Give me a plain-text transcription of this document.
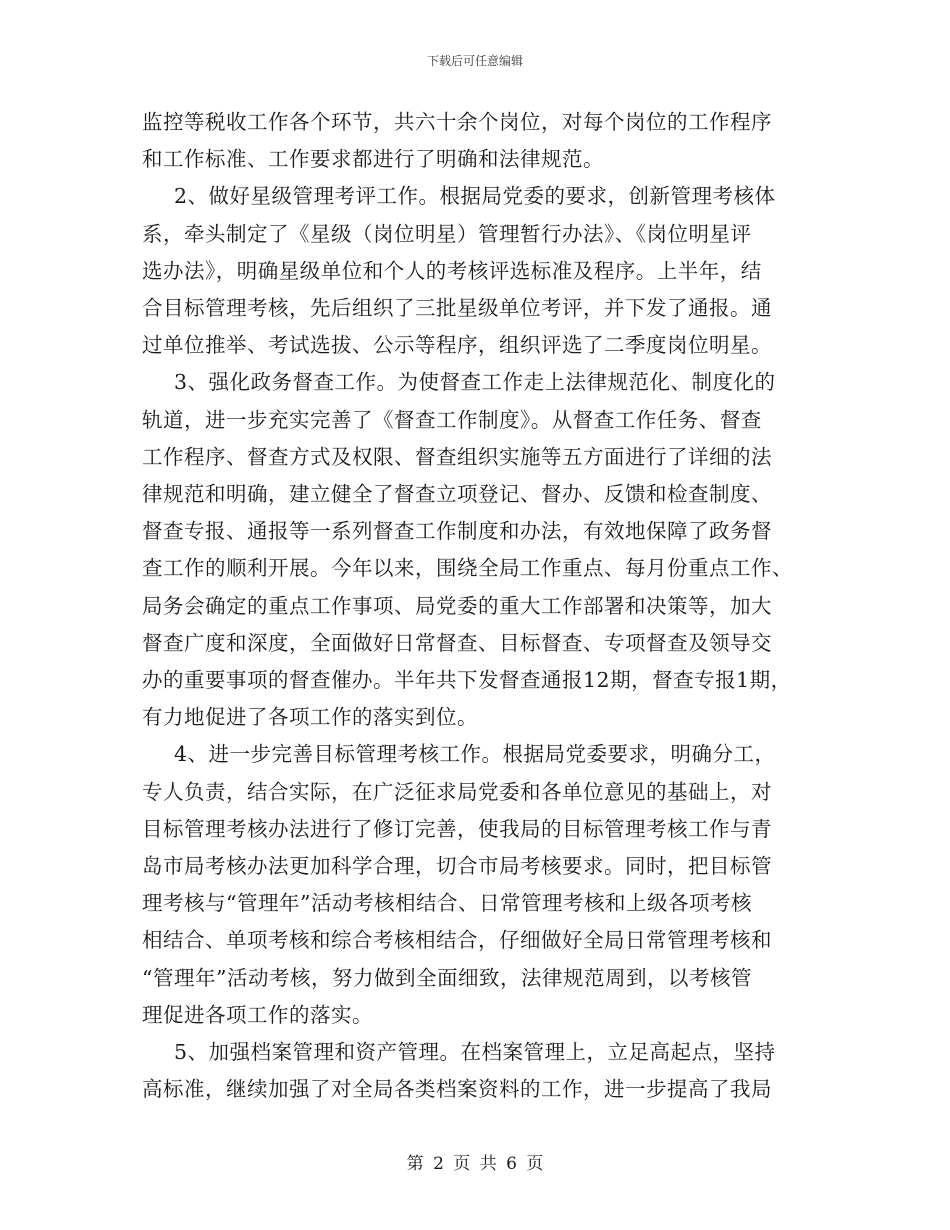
下载后可任意编辑

监控等税收工作各个环节，共六十余个岗位，对每个岗位的工作程序
和工作标准、工作要求都进行了明确和法律规范。

2、做好星级管理考评工作。根据局党委的要求，创新管理考核体
系，牵头制定了《星级（岗位明星）管理暂行办法》、《岗位明星评
选办法》，明确星级单位和个人的考核评选标准及程序。上半年，结
合目标管理考核，先后组织了三批星级单位考评，并下发了通报。通
过单位推举、考试选拔、公示等程序，组织评选了二季度岗位明星。

3、强化政务督查工作。为使督查工作走上法律规范化、制度化的
轨道，进一步充实完善了《督查工作制度》。从督查工作任务、督查
工作程序、督查方式及权限、督查组织实施等五方面进行了详细的法
律规范和明确，建立健全了督查立项登记、督办、反馈和检查制度、
督查专报、通报等一系列督查工作制度和办法，有效地保障了政务督
查工作的顺利开展。今年以来，围绕全局工作重点、每月份重点工作、
局务会确定的重点工作事项、局党委的重大工作部署和决策等，加大
督查广度和深度，全面做好日常督查、目标督查、专项督查及领导交
办的重要事项的督查催办。半年共下发督查通报12期，督查专报1期，
有力地促进了各项工作的落实到位。

4、进一步完善目标管理考核工作。根据局党委要求，明确分工，
专人负责，结合实际，在广泛征求局党委和各单位意见的基础上，对
目标管理考核办法进行了修订完善，使我局的目标管理考核工作与青
岛市局考核办法更加科学合理，切合市局考核要求。同时，把目标管
理考核与“管理年”活动考核相结合、日常管理考核和上级各项考核
相结合、单项考核和综合考核相结合，仔细做好全局日常管理考核和
“管理年”活动考核，努力做到全面细致，法律规范周到，以考核管
理促进各项工作的落实。

5、加强档案管理和资产管理。在档案管理上，立足高起点，坚持
高标准，继续加强了对全局各类档案资料的工作，进一步提高了我局

第 2 页 共 6 页
